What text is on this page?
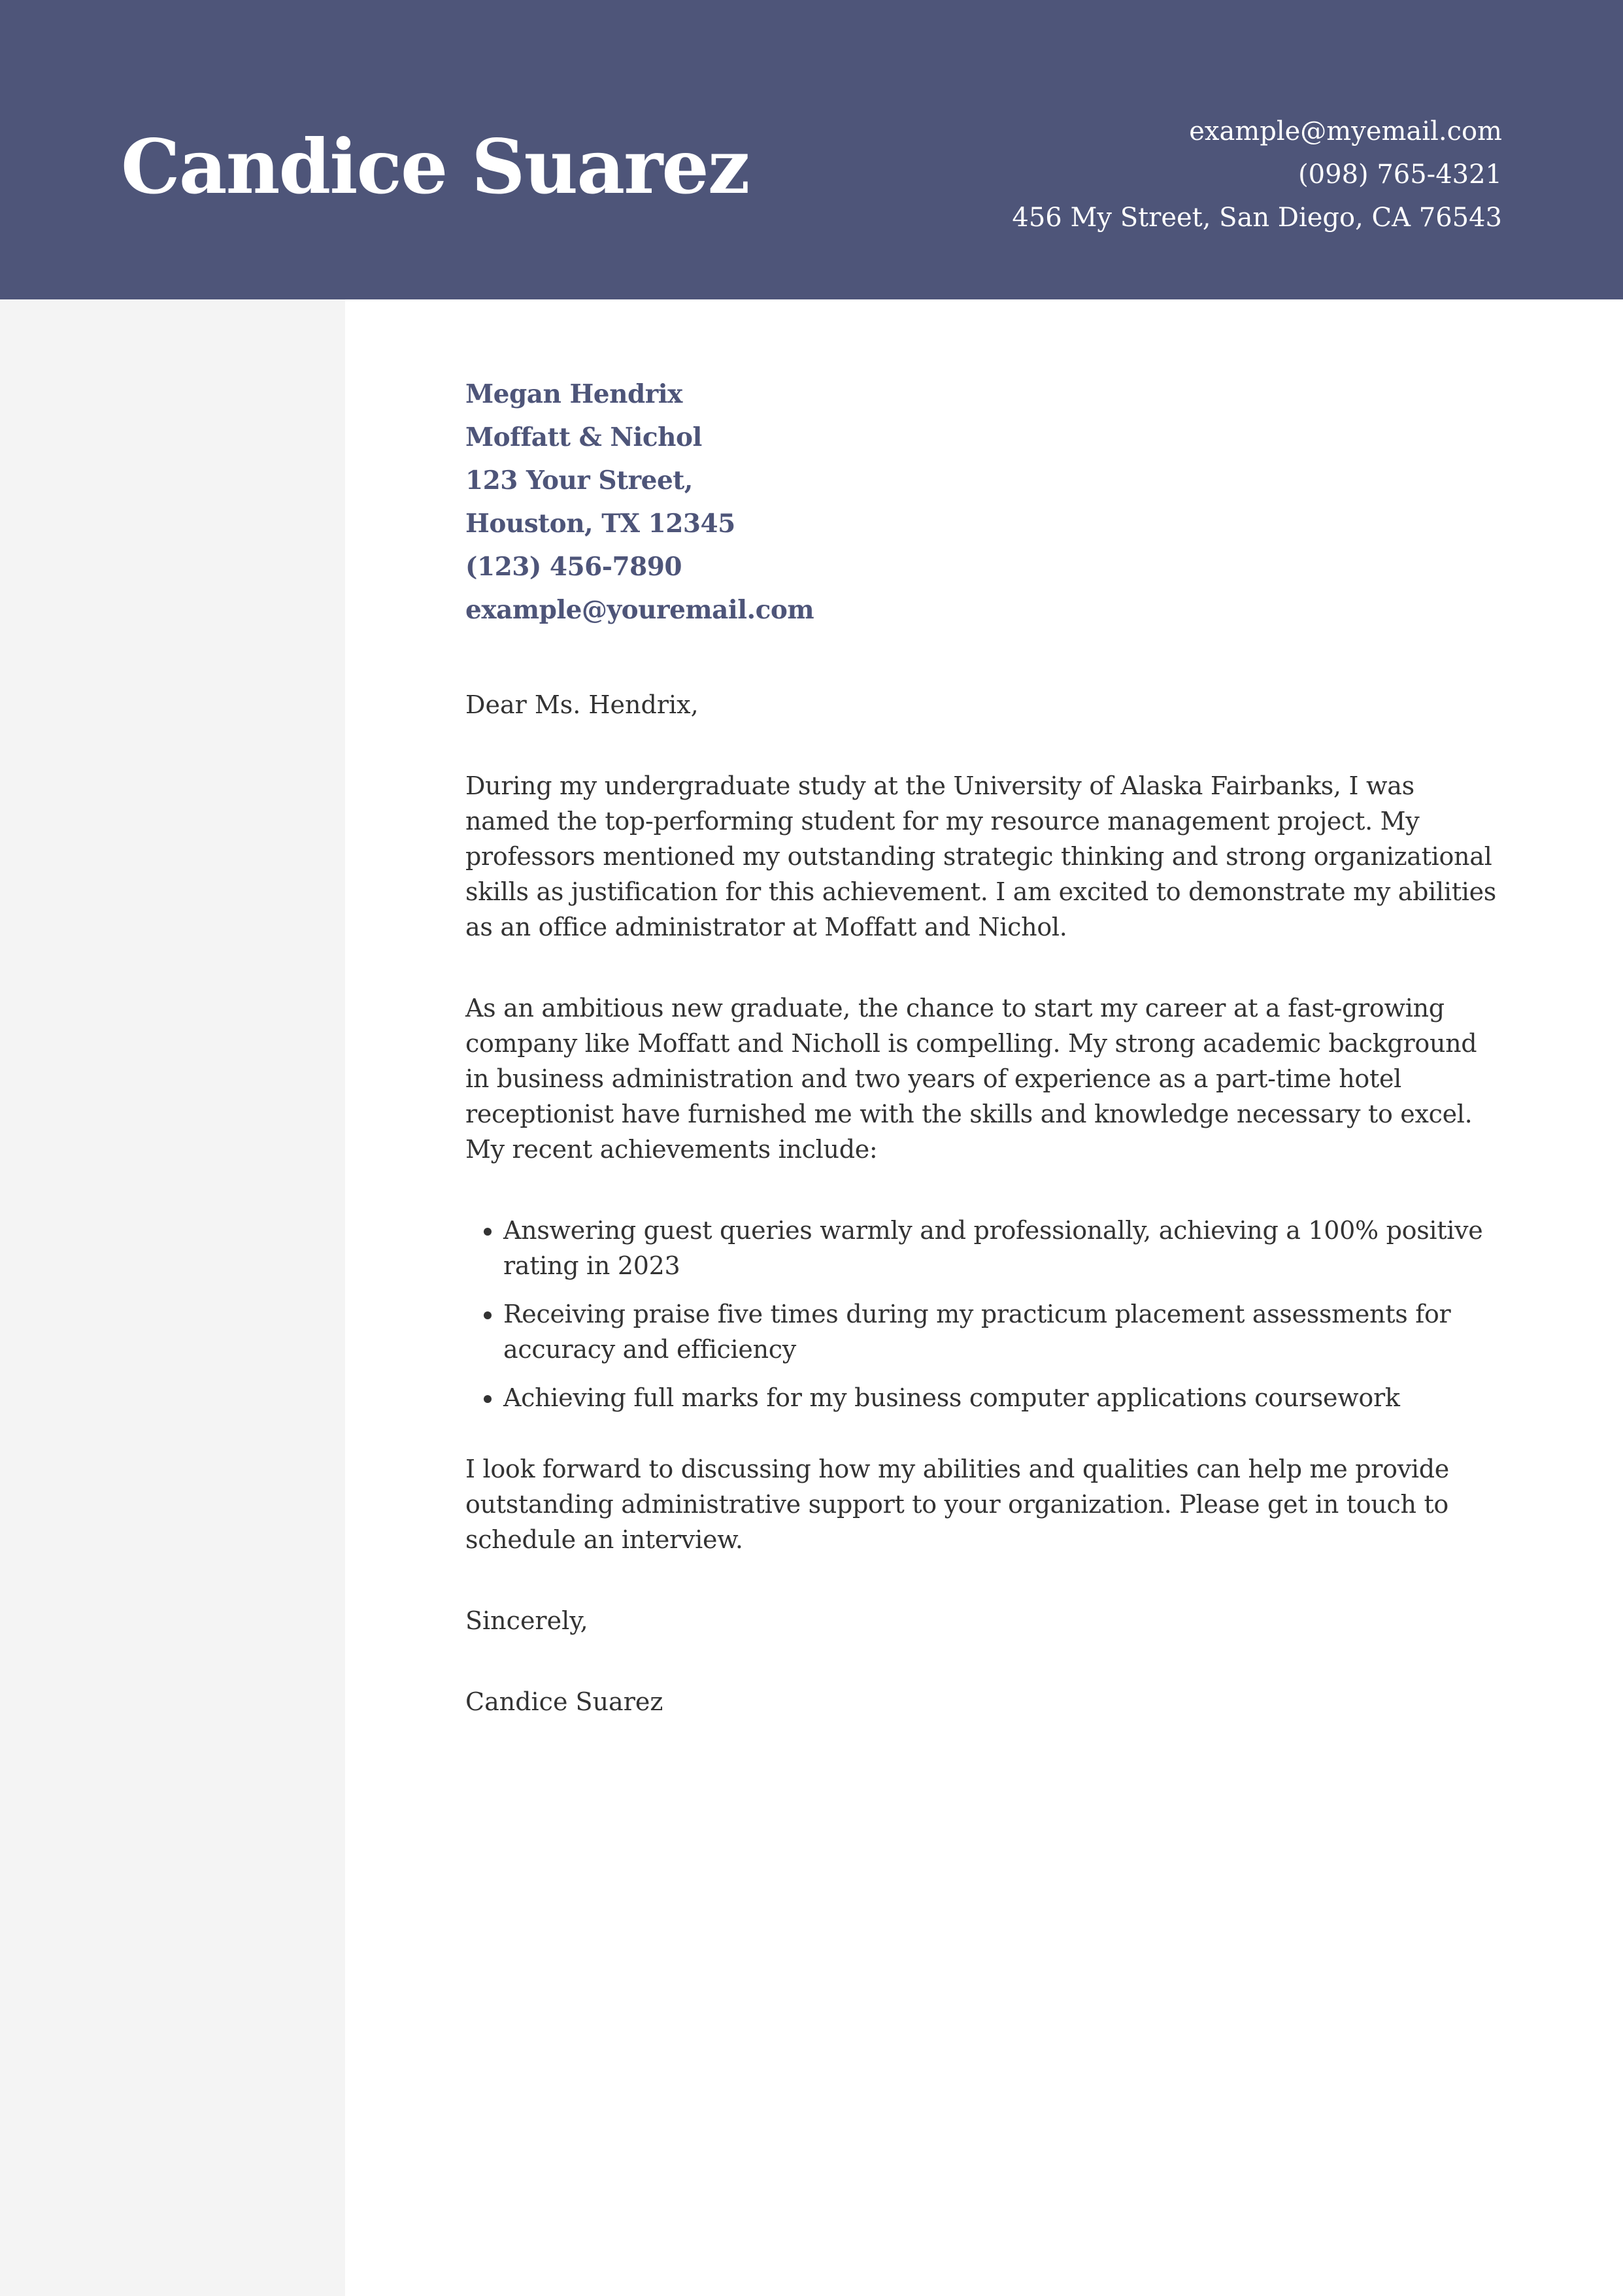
Candice Suarez	example@myemail.com
(098) 765-4321
456 My Street, San Diego, CA 76543
Megan Hendrix
Moffatt & Nichol
123 Your Street,
Houston, TX 12345
(123) 456-7890
example@youremail.com
Dear Ms. Hendrix,

During my undergraduate study at the University of Alaska Fairbanks, I was named the top-performing student for my resource management project. My professors mentioned my outstanding strategic thinking and strong organizational skills as justification for this achievement. I am excited to demonstrate my abilities as an office administrator at Moffatt and Nichol.

As an ambitious new graduate, the chance to start my career at a fast-growing company like Moffatt and Nicholl is compelling. My strong academic background in business administration and two years of experience as a part-time hotel receptionist have furnished me with the skills and knowledge necessary to excel. My recent achievements include:

• Answering guest queries warmly and professionally, achieving a 100% positive rating in 2023
• Receiving praise five times during my practicum placement assessments for accuracy and efficiency
• Achieving full marks for my business computer applications coursework

I look forward to discussing how my abilities and qualities can help me provide outstanding administrative support to your organization. Please get in touch to schedule an interview.

Sincerely,
Candice Suarez
